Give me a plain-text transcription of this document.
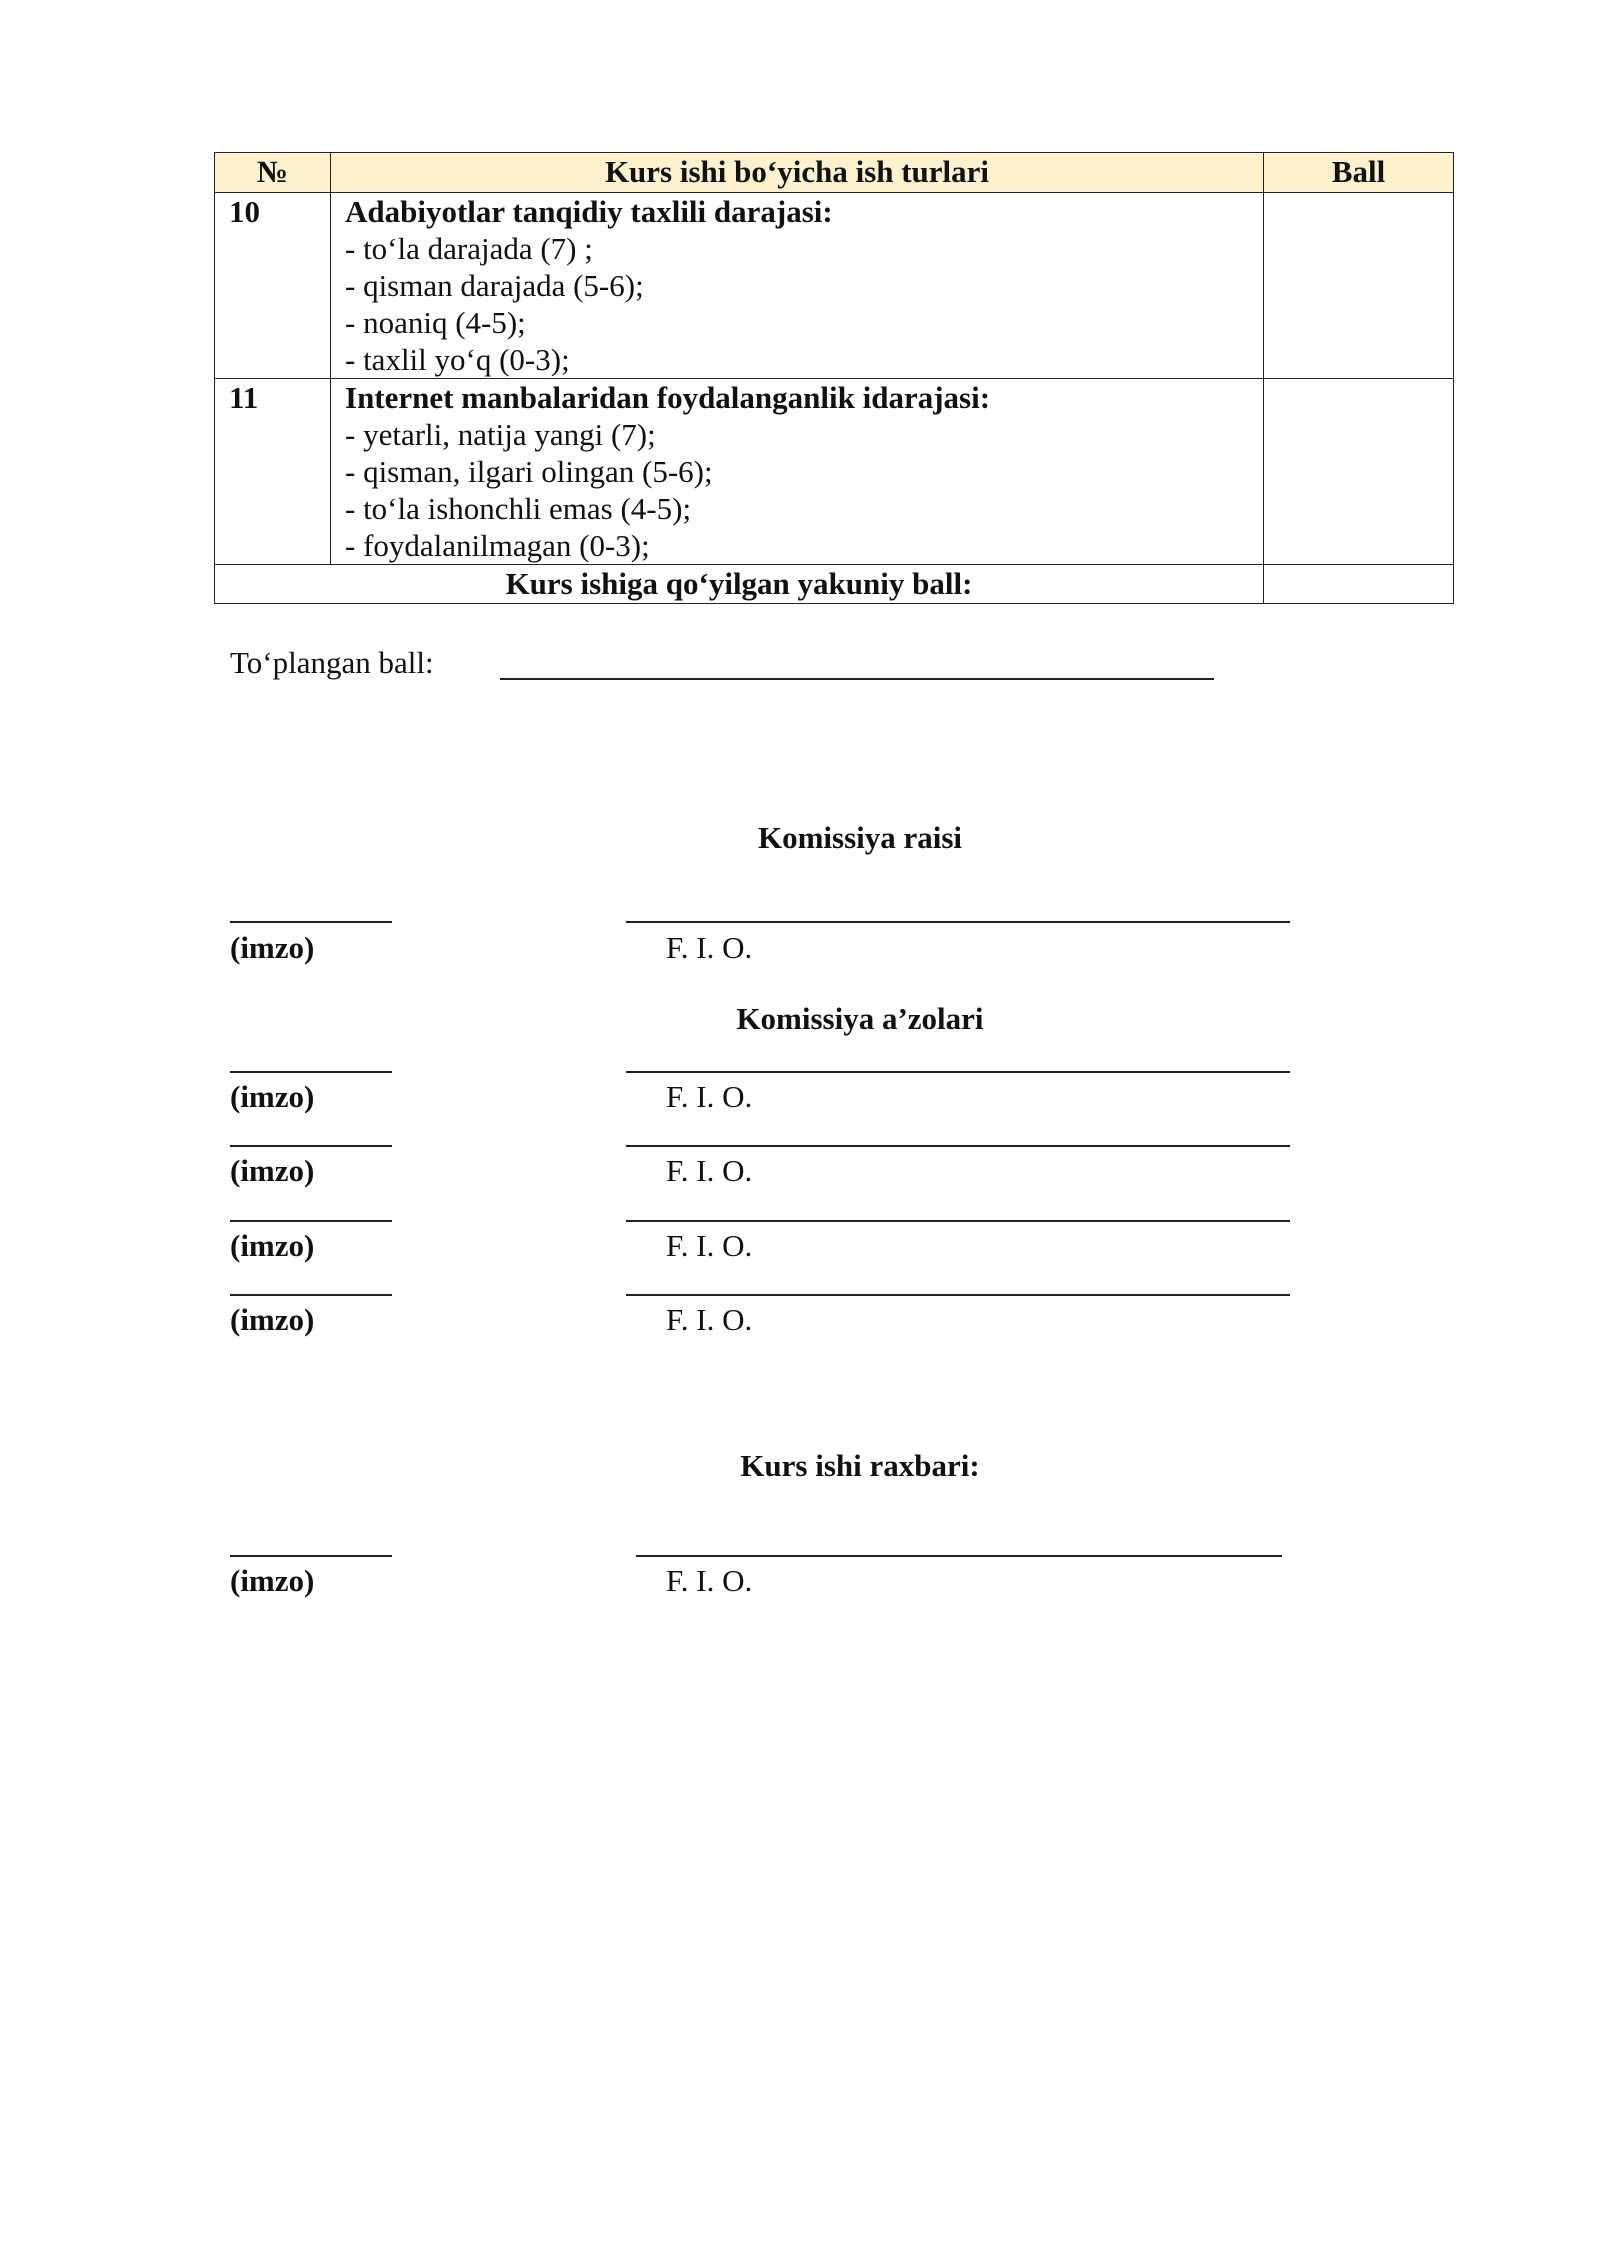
№	Kurs ishi bo‘yicha ish turlari	Ball
10	Adabiyotlar tanqidiy taxlili darajasi:
- to‘la darajada (7) ;
- qisman darajada (5-6);
- noaniq (4-5);
- taxlil yo‘q (0-3);	

11	Internet manbalaridan foydalanganlik idarajasi:
- yetarli, natija yangi (7);
- qisman, ilgari olingan (5-6);
- to‘la ishonchli emas (4-5);
- foydalanilmagan (0-3);	

Kurs ishiga qo‘yilgan yakuniy ball:		
To‘plangan ball:
Komissiya raisi
(imzo)	F. I. O.
Komissiya a’zolari
(imzo)	F. I. O.
(imzo)	F. I. O.
(imzo)	F. I. O.
(imzo)	F. I. O.
Kurs ishi raxbari:
(imzo)	F. I. O.
